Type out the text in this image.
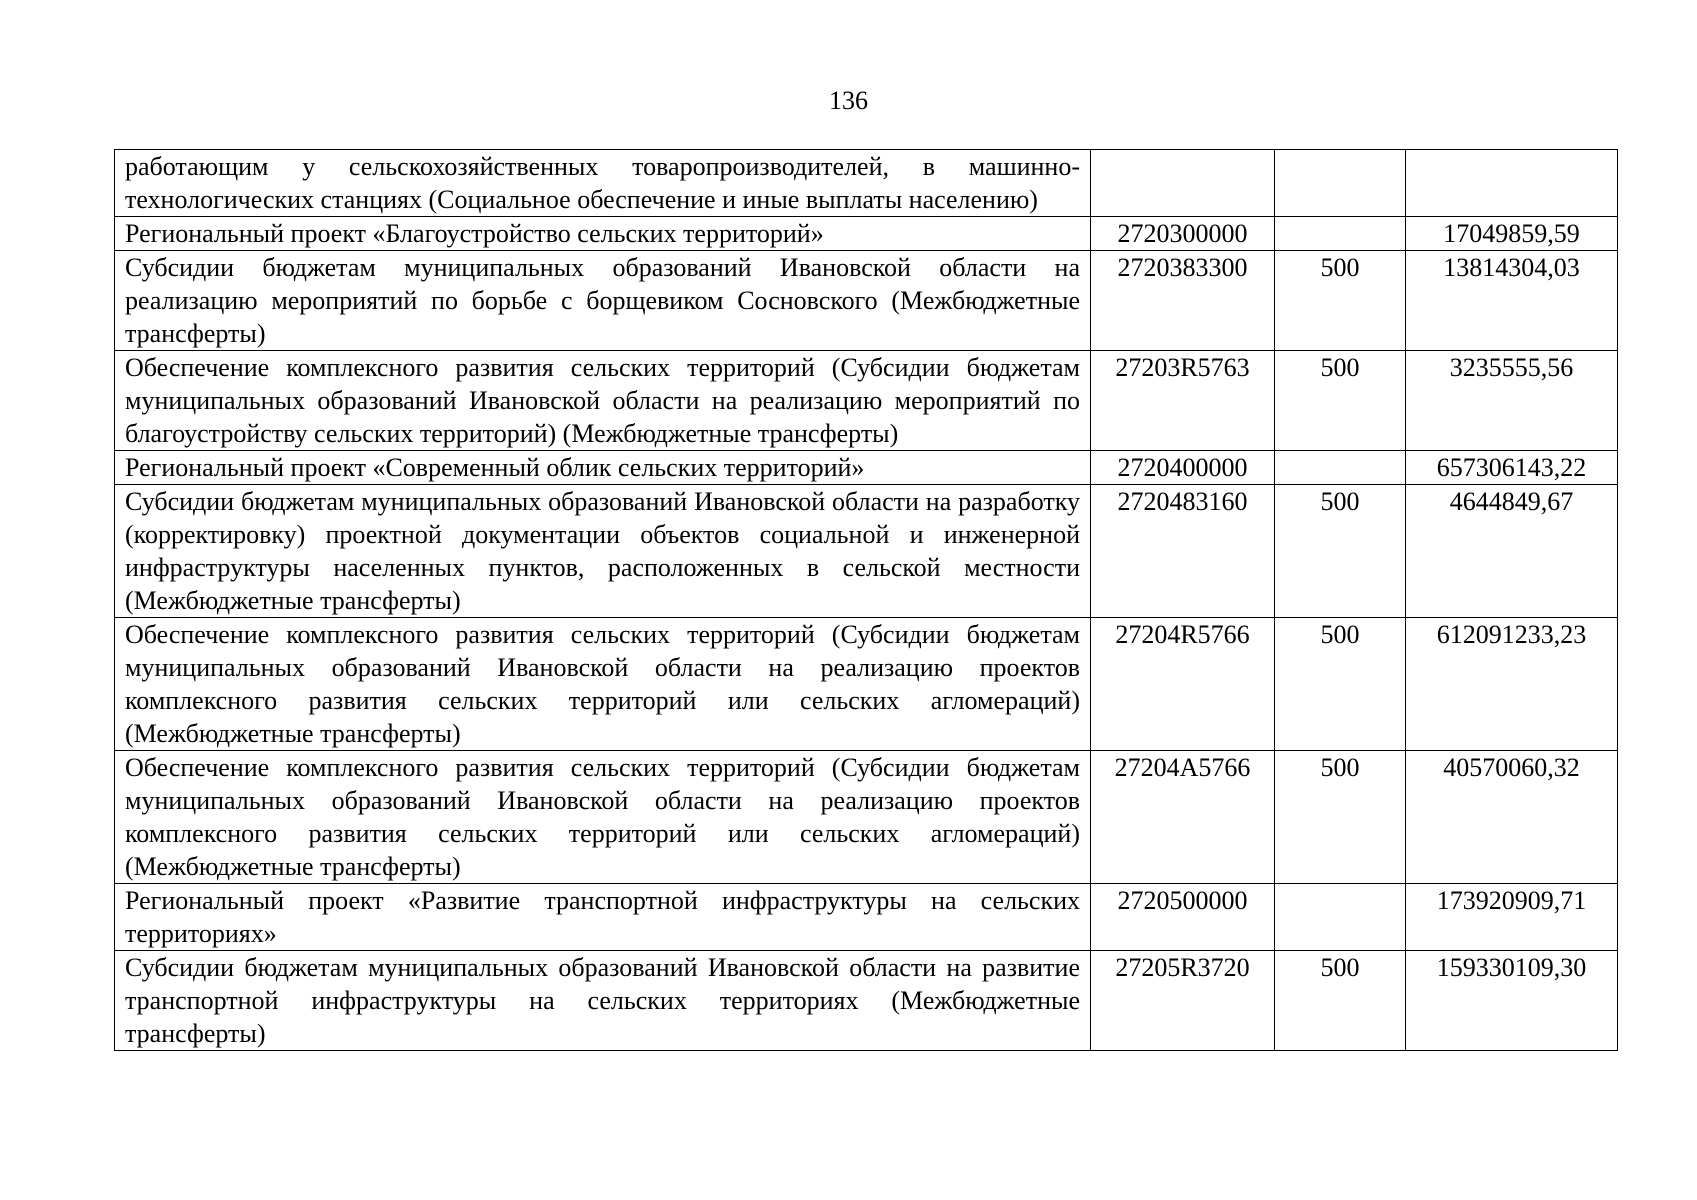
136
работающим у сельскохозяйственных товаропроизводителей, в машинно-технологических станциях (Социальное обеспечение и иные выплаты населению)			
Региональный проект «Благоустройство сельских территорий»	2720300000		17049859,59
Субсидии бюджетам муниципальных образований Ивановской области на реализацию мероприятий по борьбе с борщевиком Сосновского (Межбюджетные трансферты)	2720383300	500	13814304,03
Обеспечение комплексного развития сельских территорий (Субсидии бюджетам муниципальных образований Ивановской области на реализацию мероприятий по благоустройству сельских территорий) (Межбюджетные трансферты)	27203R5763	500	3235555,56
Региональный проект «Современный облик сельских территорий»	2720400000		657306143,22
Субсидии бюджетам муниципальных образований Ивановской области на разработку (корректировку) проектной документации объектов социальной и инженерной инфраструктуры населенных пунктов, расположенных в сельской местности (Межбюджетные трансферты)	2720483160	500	4644849,67
Обеспечение комплексного развития сельских территорий (Субсидии бюджетам муниципальных образований Ивановской области на реализацию проектов комплексного развития сельских территорий или сельских агломераций) (Межбюджетные трансферты)	27204R5766	500	612091233,23
Обеспечение комплексного развития сельских территорий (Субсидии бюджетам муниципальных образований Ивановской области на реализацию проектов комплексного развития сельских территорий или сельских агломераций) (Межбюджетные трансферты)	27204A5766	500	40570060,32
Региональный проект «Развитие транспортной инфраструктуры на сельских территориях»	2720500000		173920909,71
Субсидии бюджетам муниципальных образований Ивановской области на развитие транспортной инфраструктуры на сельских территориях (Межбюджетные трансферты)	27205R3720	500	159330109,30
